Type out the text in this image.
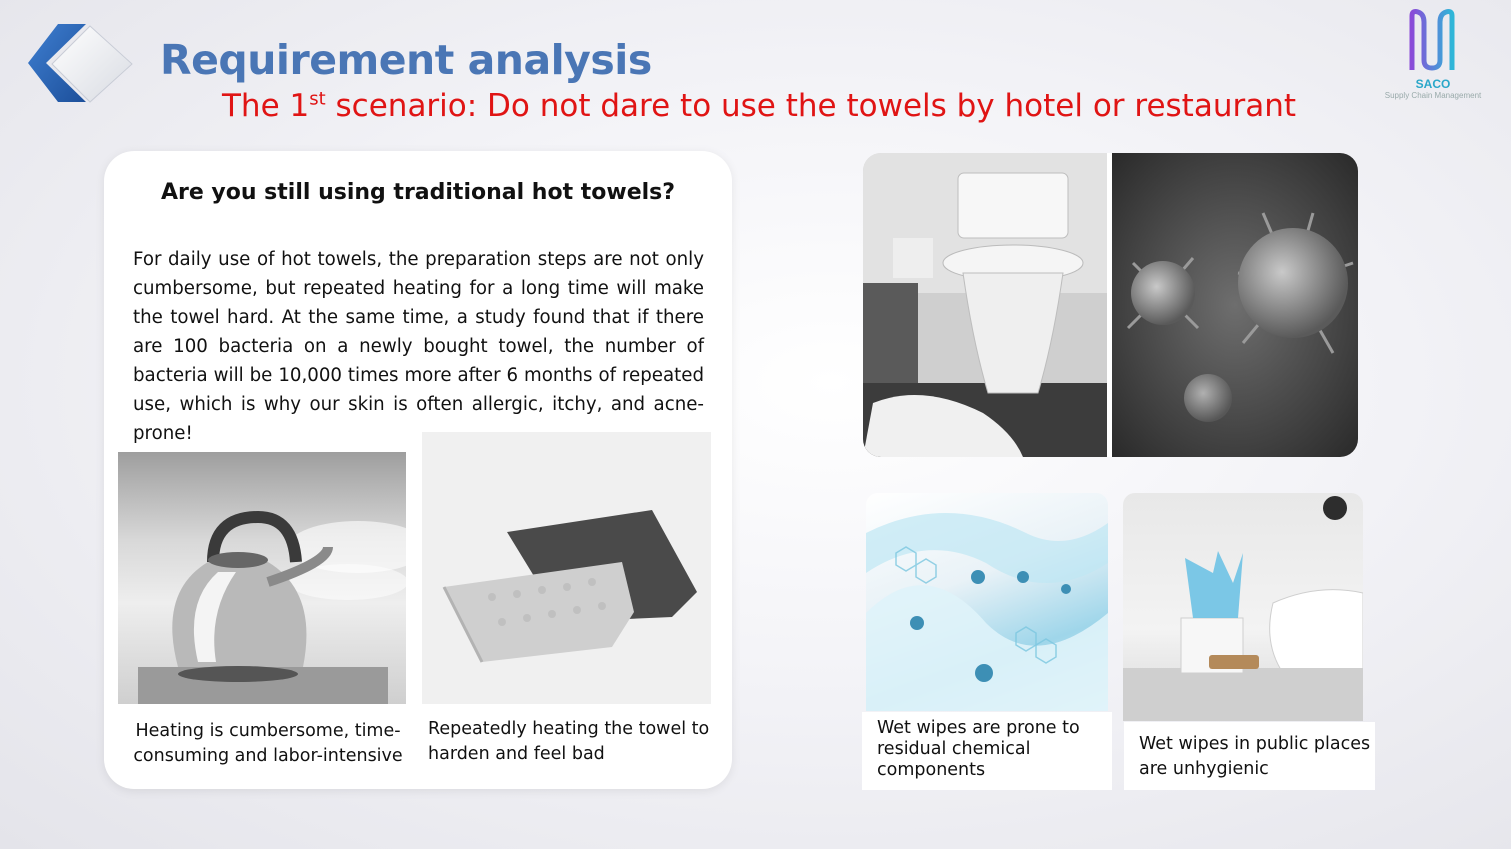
Requirement analysis

The 1st scenario: Do not dare to use the towels by hotel or restaurant

SACO
Supply Chain Management
Are you still using traditional hot towels?

For daily use of hot towels, the preparation steps are not only cumbersome, but repeated heating for a long time will make the towel hard. At the same time, a study found that if there are 100 bacteria on a newly bought towel, the number of bacteria will be 10,000 times more after 6 months of repeated use, which is why our skin is often allergic, itchy, and acne-prone!

Heating is cumbersome, time-consuming and labor-intensive
Repeatedly heating the towel to harden and feel bad
Wet wipes are prone to residual chemical components
Wet wipes in public places are unhygienic
